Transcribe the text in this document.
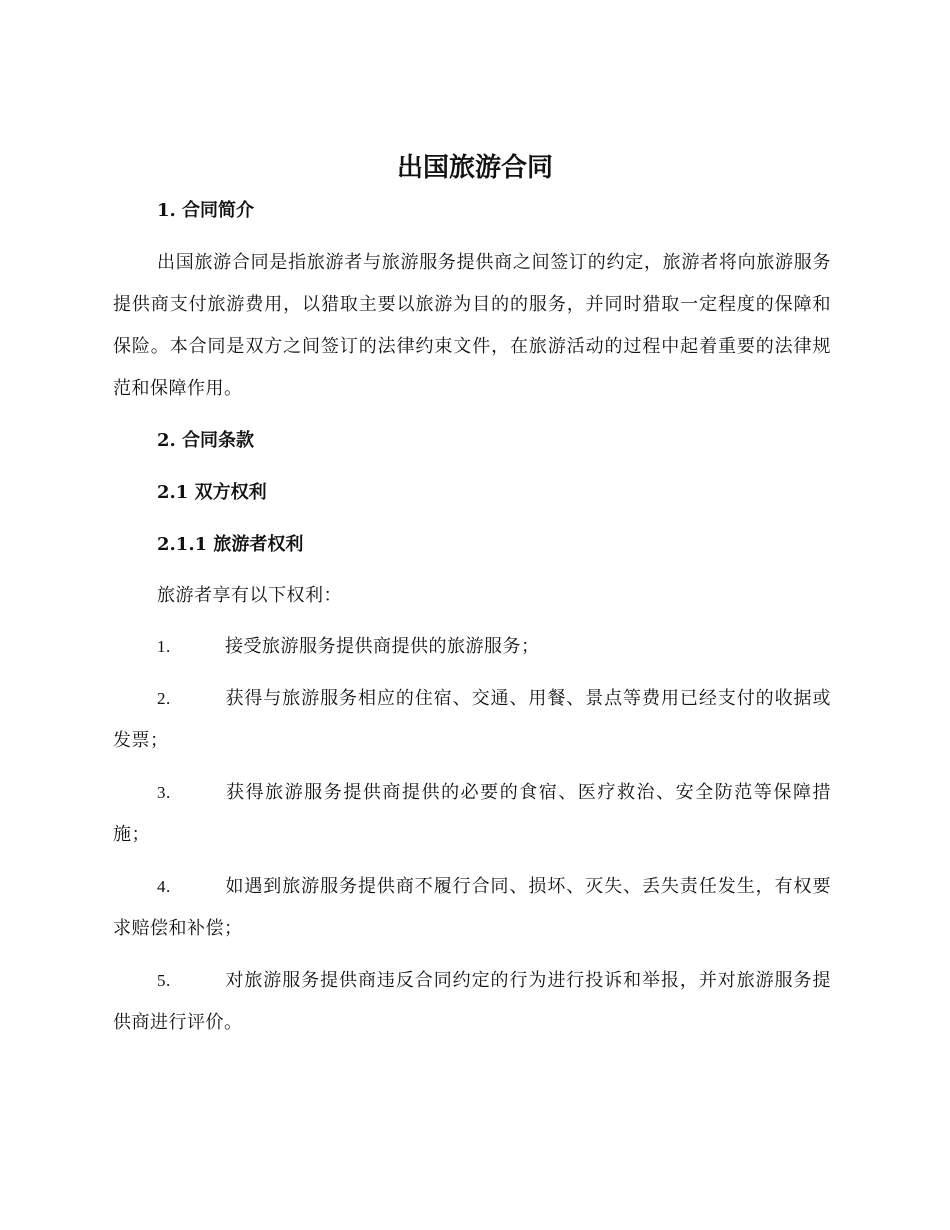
出国旅游合同
1. 合同简介
出国旅游合同是指旅游者与旅游服务提供商之间签订的约定，旅游者将向旅游服务提供商支付旅游费用，以猎取主要以旅游为目的的服务，并同时猎取一定程度的保障和保险。本合同是双方之间签订的法律约束文件，在旅游活动的过程中起着重要的法律规范和保障作用。
2. 合同条款
2.1 双方权利
2.1.1 旅游者权利
旅游者享有以下权利：
1.	接受旅游服务提供商提供的旅游服务；
2.	获得与旅游服务相应的住宿、交通、用餐、景点等费用已经支付的收据或发票；
3.	获得旅游服务提供商提供的必要的食宿、医疗救治、安全防范等保障措施；
4.	如遇到旅游服务提供商不履行合同、损坏、灭失、丢失责任发生，有权要求赔偿和补偿；
5.	对旅游服务提供商违反合同约定的行为进行投诉和举报，并对旅游服务提供商进行评价。
